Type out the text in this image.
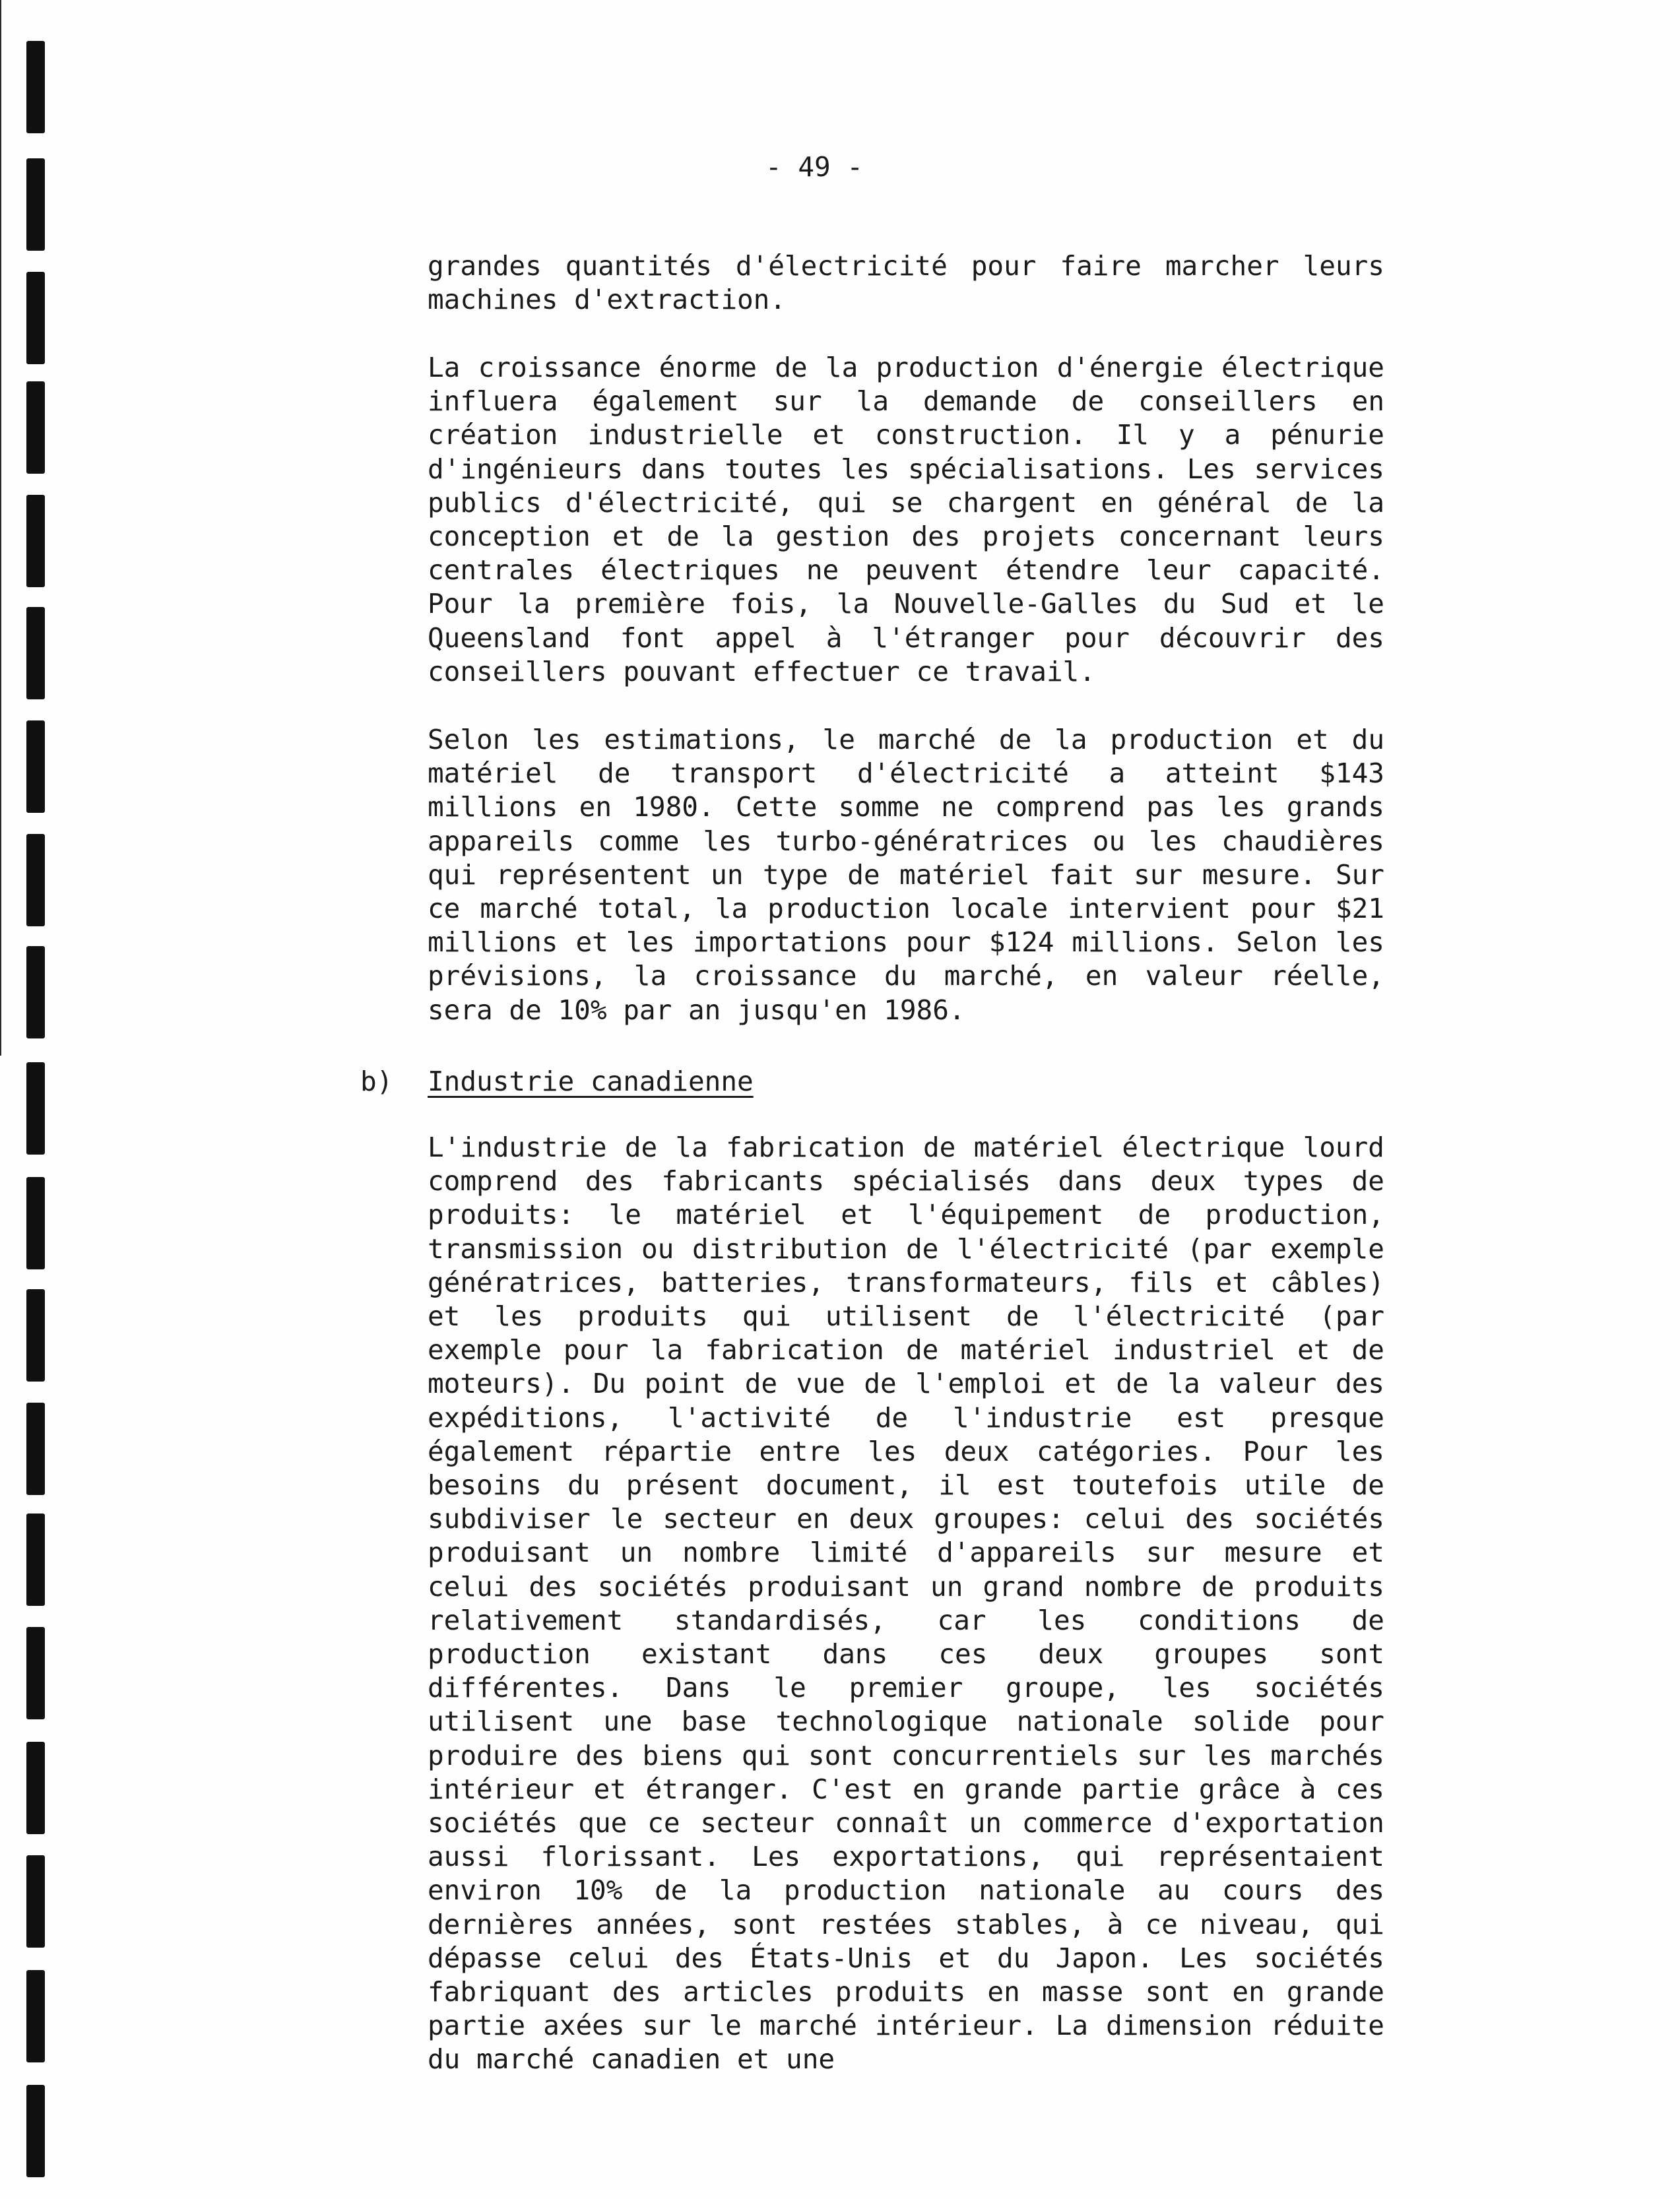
- 49 -

grandes quantités d'électricité pour faire marcher leurs machines d'extraction.

La croissance énorme de la production d'énergie électrique influera également sur la demande de conseillers en création industrielle et construction. Il y a pénurie d'ingénieurs dans toutes les spécialisations. Les services publics d'électricité, qui se chargent en général de la conception et de la gestion des projets concernant leurs centrales électriques ne peuvent étendre leur capacité. Pour la première fois, la Nouvelle-Galles du Sud et le Queensland font appel à l'étranger pour découvrir des conseillers pouvant effectuer ce travail.

Selon les estimations, le marché de la production et du matériel de transport d'électricité a atteint $143 millions en 1980. Cette somme ne comprend pas les grands appareils comme les turbo-génératrices ou les chaudières qui représentent un type de matériel fait sur mesure. Sur ce marché total, la production locale intervient pour $21 millions et les importations pour $124 millions. Selon les prévisions, la croissance du marché, en valeur réelle, sera de 10% par an jusqu'en 1986.

b) Industrie canadienne

L'industrie de la fabrication de matériel électrique lourd comprend des fabricants spécialisés dans deux types de produits: le matériel et l'équipement de production, transmission ou distribution de l'électricité (par exemple génératrices, batteries, transformateurs, fils et câbles) et les produits qui utilisent de l'électricité (par exemple pour la fabrication de matériel industriel et de moteurs). Du point de vue de l'emploi et de la valeur des expéditions, l'activité de l'industrie est presque également répartie entre les deux catégories. Pour les besoins du présent document, il est toutefois utile de subdiviser le secteur en deux groupes: celui des sociétés produisant un nombre limité d'appareils sur mesure et celui des sociétés produisant un grand nombre de produits relativement standardisés, car les conditions de production existant dans ces deux groupes sont différentes. Dans le premier groupe, les sociétés utilisent une base technologique nationale solide pour produire des biens qui sont concurrentiels sur les marchés intérieur et étranger. C'est en grande partie grâce à ces sociétés que ce secteur connaît un commerce d'exportation aussi florissant. Les exportations, qui représentaient environ 10% de la production nationale au cours des dernières années, sont restées stables, à ce niveau, qui dépasse celui des États-Unis et du Japon. Les sociétés fabriquant des articles produits en masse sont en grande partie axées sur le marché intérieur. La dimension réduite du marché canadien et une
